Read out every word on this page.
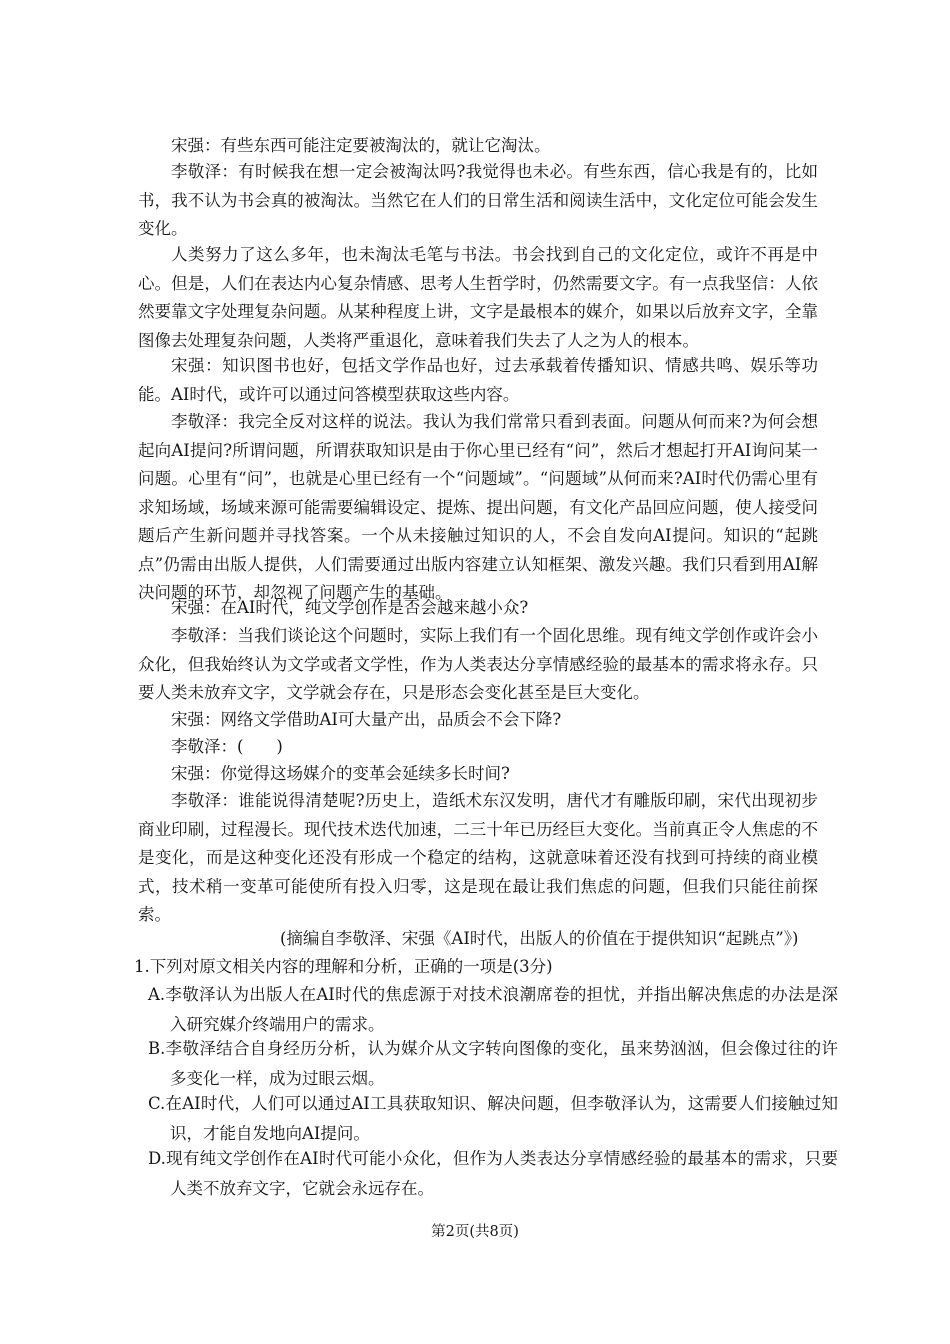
宋强：有些东西可能注定要被淘汰的，就让它淘汰。

李敬泽：有时候我在想一定会被淘汰吗?我觉得也未必。有些东西，信心我是有的，比如书，我不认为书会真的被淘汰。当然它在人们的日常生活和阅读生活中，文化定位可能会发生变化。

人类努力了这么多年，也未淘汰毛笔与书法。书会找到自己的文化定位，或许不再是中心。但是，人们在表达内心复杂情感、思考人生哲学时，仍然需要文字。有一点我坚信：人依然要靠文字处理复杂问题。从某种程度上讲，文字是最根本的媒介，如果以后放弃文字，全靠图像去处理复杂问题，人类将严重退化，意味着我们失去了人之为人的根本。

宋强：知识图书也好，包括文学作品也好，过去承载着传播知识、情感共鸣、娱乐等功能。AI时代，或许可以通过问答模型获取这些内容。

李敬泽：我完全反对这样的说法。我认为我们常常只看到表面。问题从何而来?为何会想起向AI提问?所谓问题，所谓获取知识是由于你心里已经有“问”，然后才想起打开AI询问某一问题。心里有“问”，也就是心里已经有一个“问题域”。“问题域”从何而来?AI时代仍需心里有求知场域，场域来源可能需要编辑设定、提炼、提出问题，有文化产品回应问题，使人接受问题后产生新问题并寻找答案。一个从未接触过知识的人，不会自发向AI提问。知识的“起跳点”仍需由出版人提供，人们需要通过出版内容建立认知框架、激发兴趣。我们只看到用AI解决问题的环节，却忽视了问题产生的基础。

宋强：在AI时代，纯文学创作是否会越来越小众?

李敬泽：当我们谈论这个问题时，实际上我们有一个固化思维。现有纯文学创作或许会小众化，但我始终认为文学或者文学性，作为人类表达分享情感经验的最基本的需求将永存。只要人类未放弃文字，文学就会存在，只是形态会变化甚至是巨大变化。

宋强：网络文学借助AI可大量产出，品质会不会下降?

李敬泽：(　　)

宋强：你觉得这场媒介的变革会延续多长时间?

李敬泽：谁能说得清楚呢?历史上，造纸术东汉发明，唐代才有雕版印刷，宋代出现初步商业印刷，过程漫长。现代技术迭代加速，二三十年已历经巨大变化。当前真正令人焦虑的不是变化，而是这种变化还没有形成一个稳定的结构，这就意味着还没有找到可持续的商业模式，技术稍一变革可能使所有投入归零，这是现在最让我们焦虑的问题，但我们只能往前探索。

(摘编自李敬泽、宋强《AI时代，出版人的价值在于提供知识“起跳点”》)

1.下列对原文相关内容的理解和分析，正确的一项是(3分)

A.李敬泽认为出版人在AI时代的焦虑源于对技术浪潮席卷的担忧，并指出解决焦虑的办法是深入研究媒介终端用户的需求。

B.李敬泽结合自身经历分析，认为媒介从文字转向图像的变化，虽来势汹汹，但会像过往的许多变化一样，成为过眼云烟。

C.在AI时代，人们可以通过AI工具获取知识、解决问题，但李敬泽认为，这需要人们接触过知识，才能自发地向AI提问。

D.现有纯文学创作在AI时代可能小众化，但作为人类表达分享情感经验的最基本的需求，只要人类不放弃文字，它就会永远存在。

第2页(共8页)
